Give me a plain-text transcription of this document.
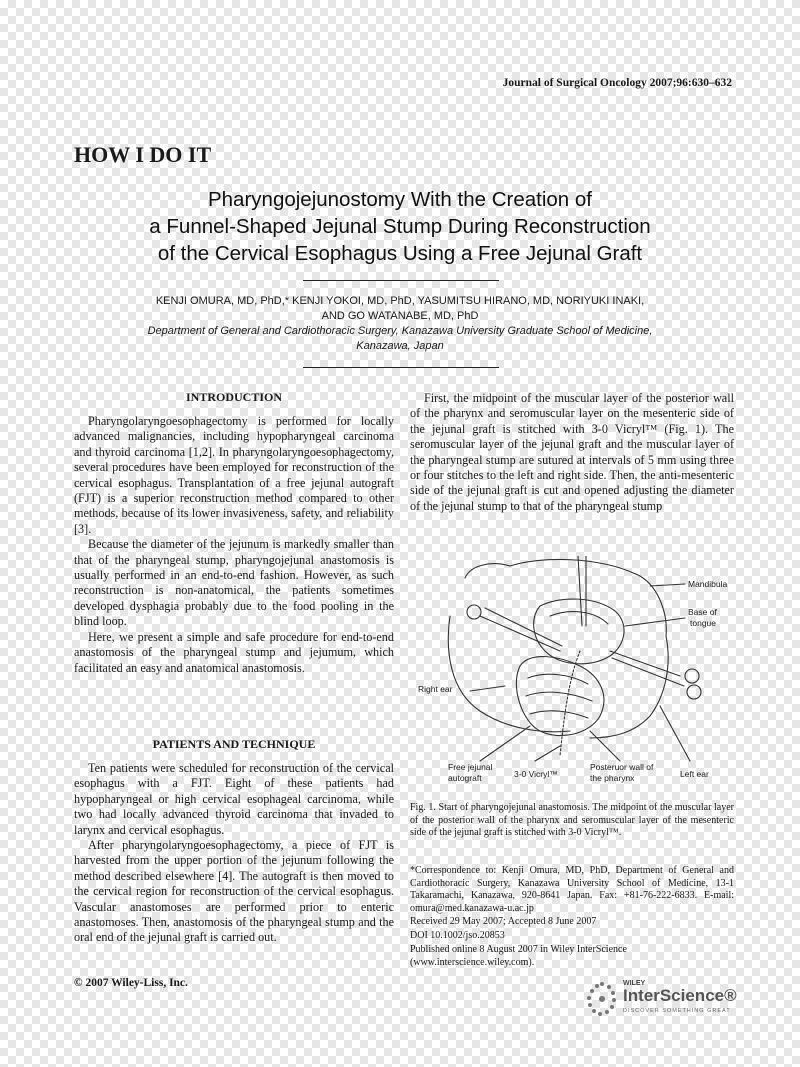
Journal of Surgical Oncology 2007;96:630–632
HOW I DO IT
Pharyngojejunostomy With the Creation of
a Funnel-Shaped Jejunal Stump During Reconstruction
of the Cervical Esophagus Using a Free Jejunal Graft
KENJI OMURA, MD, PhD,* KENJI YOKOI, MD, PhD, YASUMITSU HIRANO, MD, NORIYUKI INAKI,
AND GO WATANABE, MD, PhD
Department of General and Cardiothoracic Surgery, Kanazawa University Graduate School of Medicine,
Kanazawa, Japan
INTRODUCTION

Pharyngolaryngoesophagectomy is performed for locally advanced malignancies, including hypopharyngeal carcinoma and thyroid carcinoma [1,2]. In pharyngolaryngoesophagectomy, several procedures have been employed for reconstruction of the cervical esophagus. Transplantation of a free jejunal autograft (FJT) is a superior reconstruction method compared to other methods, because of its lower invasiveness, safety, and reliability [3].

Because the diameter of the jejunum is markedly smaller than that of the pharyngeal stump, pharyngojejunal anastomosis is usually performed in an end-to-end fashion. However, as such reconstruction is non-anatomical, the patients sometimes developed dysphagia probably due to the food pooling in the blind loop.

Here, we present a simple and safe procedure for end-to-end anastomosis of the pharyngeal stump and jejumum, which facilitated an easy and anatomical anastomosis.

PATIENTS AND TECHNIQUE

Ten patients were scheduled for reconstruction of the cervical esophagus with a FJT. Eight of these patients had hypopharyngeal or high cervical esophageal carcinoma, while two had locally advanced thyroid carcinoma that invaded to larynx and cervical esophagus.

After pharyngolaryngoesophagectomy, a piece of FJT is harvested from the upper portion of the jejunum following the method described elsewhere [4]. The autograft is then moved to the cervical region for reconstruction of the cervical esophagus. Vascular anastomoses are performed prior to enteric anastomoses. Then, anastomosis of the pharyngeal stump and the oral end of the jejunal graft is carried out.

© 2007 Wiley-Liss, Inc.

First, the midpoint of the muscular layer of the posterior wall of the pharynx and seromuscular layer on the mesenteric side of the jejunal graft is stitched with 3-0 Vicryl™ (Fig. 1). The seromuscular layer of the jejunal graft and the muscular layer of the pharyngeal stump are sutured at intervals of 5 mm using three or four stitches to the left and right side. Then, the anti-mesenteric side of the jejunal graft is cut and opened adjusting the diameter of the jejunal stump to that of the pharyngeal stump

Mandibula
Base of
tongue
Right ear
Free jejunal
autograft	3-0 Vicryl™
Posteruor wall of
the pharynx	Left ear
Fig. 1. Start of pharyngojejunal anastomosis. The midpoint of the muscular layer of the posterior wall of the pharynx and seromuscular layer of the mesenteric side of the jejunal graft is stitched with 3-0 Vicryl™.
*Correspondence to: Kenji Omura, MD, PhD, Department of General and Cardiothoracic Surgery, Kanazawa University School of Medicine, 13-1 Takaramachi, Kanazawa, 920-8641 Japan. Fax: +81-76-222-6833. E-mail: omura@med.kanazawa-u.ac.jp
Received 29 May 2007; Accepted 8 June 2007
DOI 10.1002/jso.20853
Published online 8 August 2007 in Wiley InterScience (www.interscience.wiley.com).
WILEY
InterScience®
DISCOVER SOMETHING GREAT
